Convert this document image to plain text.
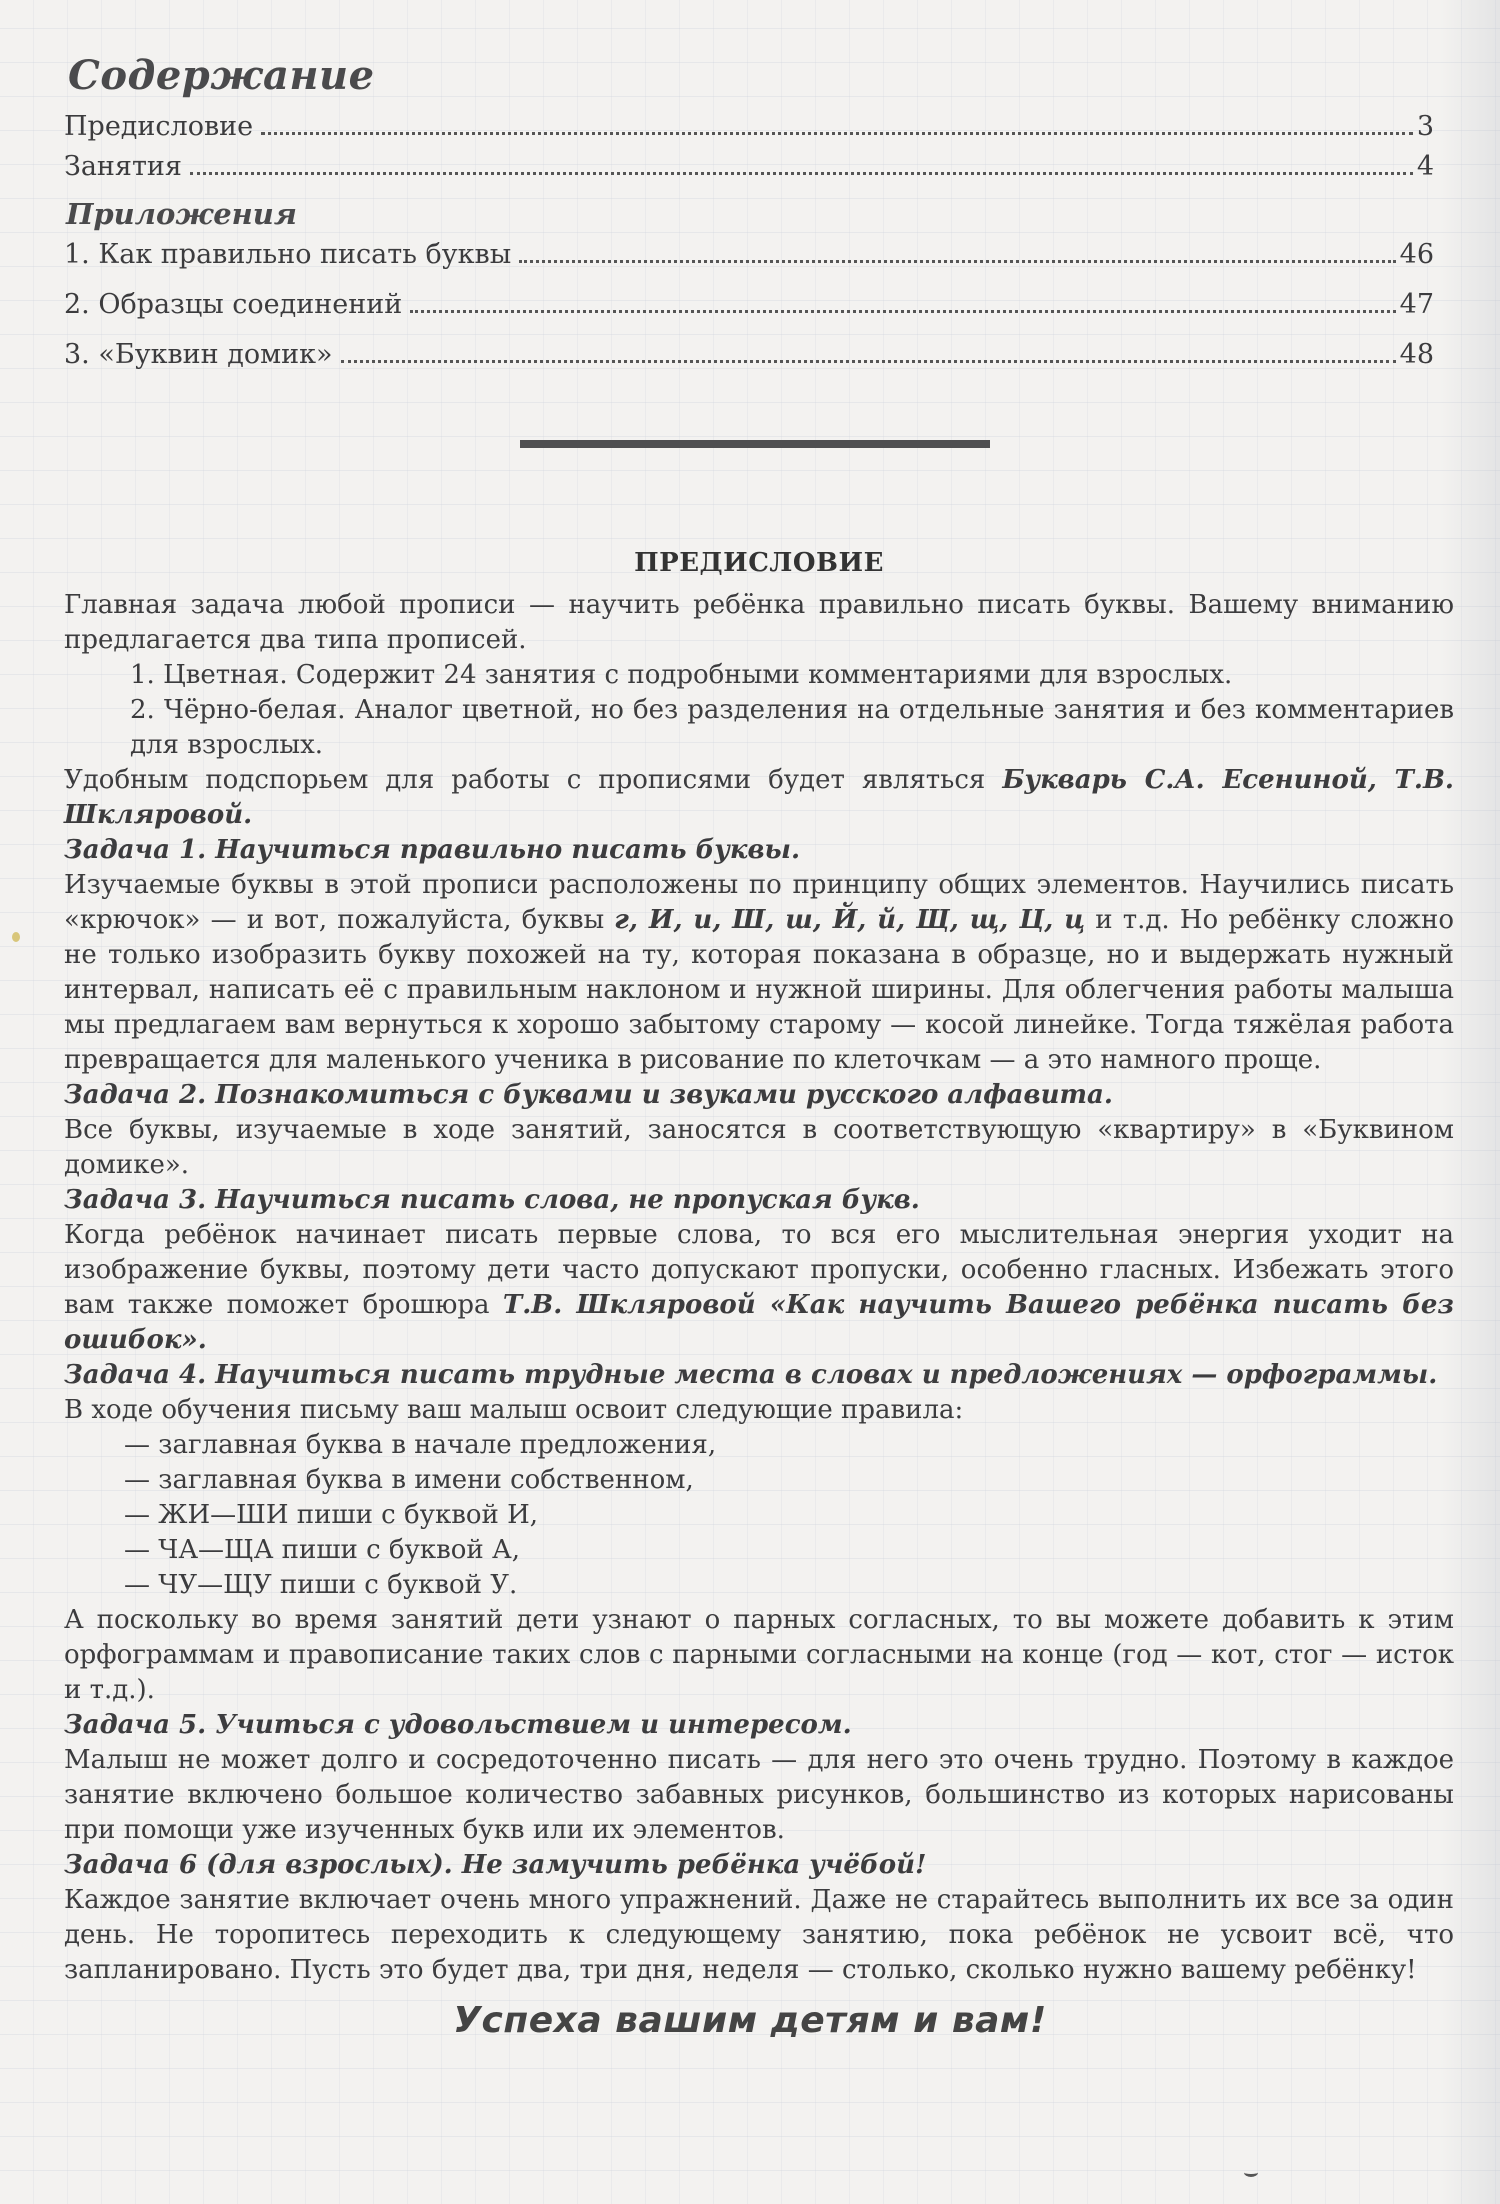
Содержание
Предисловие	3
Занятия	4
Приложения
1. Как правильно писать буквы	46
2. Образцы соединений	47
3. «Буквин домик»	48
ПРЕДИСЛОВИЕ

Главная задача любой прописи — научить ребёнка правильно писать буквы. Вашему вниманию предлагается два типа прописей.

1. Цветная. Содержит 24 занятия с подробными комментариями для взрослых.

2. Чёрно-белая. Аналог цветной, но без разделения на отдельные занятия и без комментариев для взрослых.

Удобным подспорьем для работы с прописями будет являться Букварь С.А. Есениной, Т.В. Шкляровой.

Задача 1. Научиться правильно писать буквы.

Изучаемые буквы в этой прописи расположены по принципу общих элементов. Научились писать «крючок» — и вот, пожалуйста, буквы г, И, и, Ш, ш, Й, й, Щ, щ, Ц, ц и т.д. Но ребёнку сложно не только изобразить букву похожей на ту, которая показана в образце, но и выдержать нужный интервал, написать её с правильным наклоном и нужной ширины. Для облегчения работы малыша мы предлагаем вам вернуться к хорошо забытому старому — косой линейке. Тогда тяжёлая работа превращается для маленького ученика в рисование по клеточкам — а это намного проще.

Задача 2. Познакомиться с буквами и звуками русского алфавита.

Все буквы, изучаемые в ходе занятий, заносятся в соответствующую «квартиру» в «Буквином домике».

Задача 3. Научиться писать слова, не пропуская букв.

Когда ребёнок начинает писать первые слова, то вся его мыслительная энергия уходит на изображение буквы, поэтому дети часто допускают пропуски, особенно гласных. Избежать этого вам также поможет брошюра Т.В. Шкляровой «Как научить Вашего ребёнка писать без ошибок».

Задача 4. Научиться писать трудные места в словах и предложениях — орфограммы.

В ходе обучения письму ваш малыш освоит следующие правила:

— заглавная буква в начале предложения,

— заглавная буква в имени собственном,

— ЖИ—ШИ пиши с буквой И,

— ЧА—ЩА пиши с буквой А,

— ЧУ—ЩУ пиши с буквой У.

А поскольку во время занятий дети узнают о парных согласных, то вы можете добавить к этим орфограммам и правописание таких слов с парными согласными на конце (год — кот, стог — исток и т.д.).

Задача 5. Учиться с удовольствием и интересом.

Малыш не может долго и сосредоточенно писать — для него это очень трудно. Поэтому в каждое занятие включено большое количество забавных рисунков, большинство из которых нарисованы при помощи уже изученных букв или их элементов.

Задача 6 (для взрослых). Не замучить ребёнка учёбой!

Каждое занятие включает очень много упражнений. Даже не старайтесь выполнить их все за один день. Не торопитесь переходить к следующему занятию, пока ребёнок не усвоит всё, что запланировано. Пусть это будет два, три дня, неделя — столько, сколько нужно вашему ребёнку!

Успеха вашим детям и вам!
